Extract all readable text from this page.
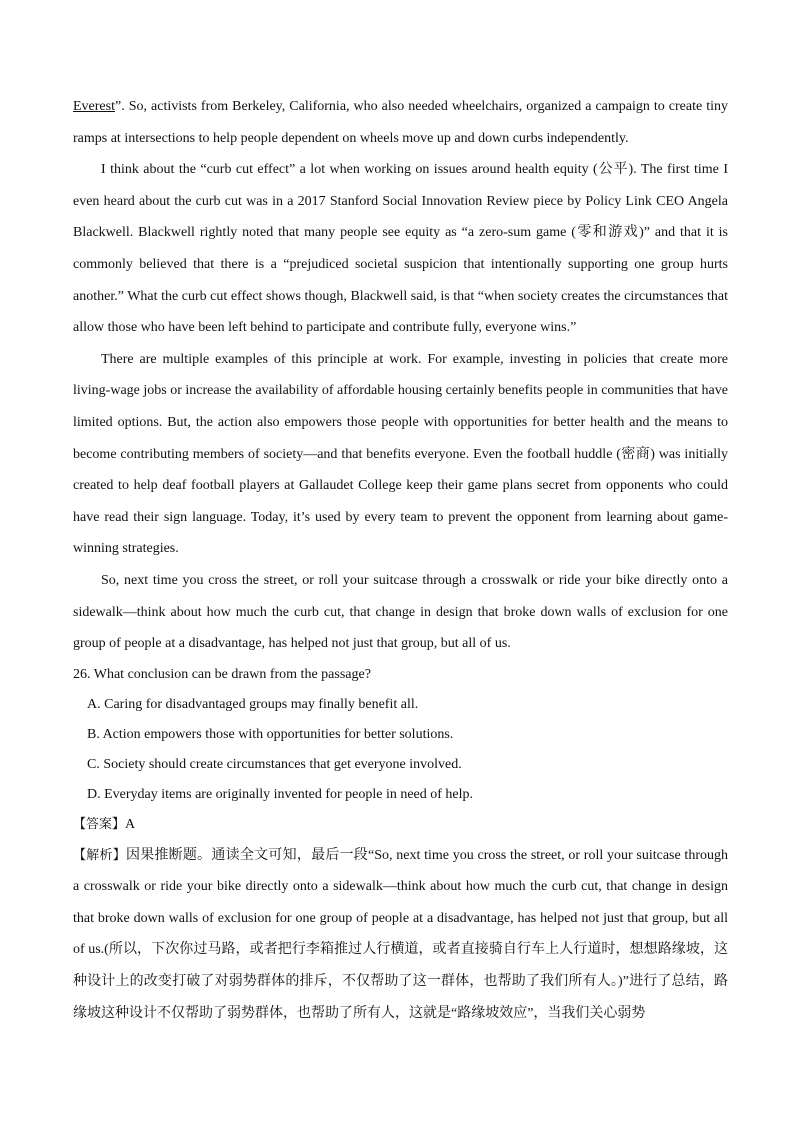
Everest”. So, activists from Berkeley, California, who also needed wheelchairs, organized a campaign to create tiny ramps at intersections to help people dependent on wheels move up and down curbs independently.

I think about the “curb cut effect” a lot when working on issues around health equity (公平). The first time I even heard about the curb cut was in a 2017 Stanford Social Innovation Review piece by Policy Link CEO Angela Blackwell. Blackwell rightly noted that many people see equity as “a zero-sum game (零和游戏)” and that it is commonly believed that there is a “prejudiced societal suspicion that intentionally supporting one group hurts another.” What the curb cut effect shows though, Blackwell said, is that “when society creates the circumstances that allow those who have been left behind to participate and contribute fully, everyone wins.”

There are multiple examples of this principle at work. For example, investing in policies that create more living-wage jobs or increase the availability of affordable housing certainly benefits people in communities that have limited options. But, the action also empowers those people with opportunities for better health and the means to become contributing members of society—and that benefits everyone. Even the football huddle (密商) was initially created to help deaf football players at Gallaudet College keep their game plans secret from opponents who could have read their sign language. Today, it’s used by every team to prevent the opponent from learning about game-winning strategies.

So, next time you cross the street, or roll your suitcase through a crosswalk or ride your bike directly onto a sidewalk—think about how much the curb cut, that change in design that broke down walls of exclusion for one group of people at a disadvantage, has helped not just that group, but all of us.

26. What conclusion can be drawn from the passage?

A. Caring for disadvantaged groups may finally benefit all.

B. Action empowers those with opportunities for better solutions.

C. Society should create circumstances that get everyone involved.

D. Everyday items are originally invented for people in need of help.

【答案】A

【解析】因果推断题。通读全文可知，最后一段“So, next time you cross the street, or roll your suitcase through a crosswalk or ride your bike directly onto a sidewalk—think about how much the curb cut, that change in design that broke down walls of exclusion for one group of people at a disadvantage, has helped not just that group, but all of us.(所以，下次你过马路，或者把行李箱推过人行横道，或者直接骑自行车上人行道时，想想路缘坡，这种设计上的改变打破了对弱势群体的排斥，不仅帮助了这一群体，也帮助了我们所有人。)”进行了总结，路缘坡这种设计不仅帮助了弱势群体，也帮助了所有人，这就是“路缘坡效应”，当我们关心弱势
